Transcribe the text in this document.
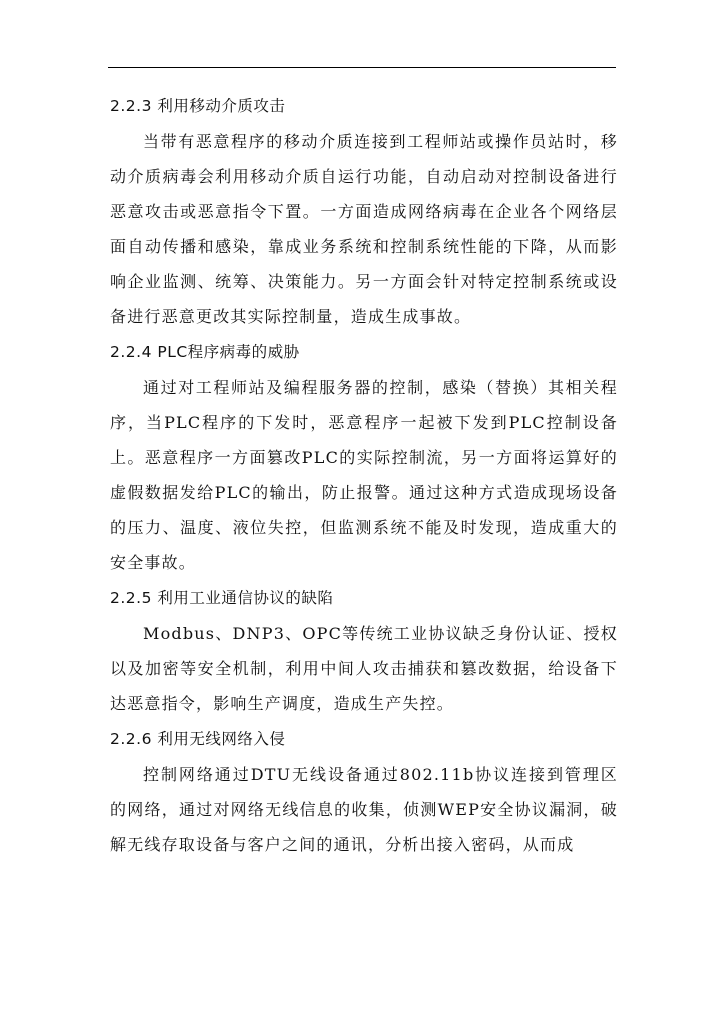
2.2.3 利用移动介质攻击

当带有恶意程序的移动介质连接到工程师站或操作员站时，移动介质病毒会利用移动介质自运行功能，自动启动对控制设备进行恶意攻击或恶意指令下置。一方面造成网络病毒在企业各个网络层面自动传播和感染，靠成业务系统和控制系统性能的下降，从而影响企业监测、统筹、决策能力。另一方面会针对特定控制系统或设备进行恶意更改其实际控制量，造成生成事故。

2.2.4 PLC程序病毒的威胁

通过对工程师站及编程服务器的控制，感染（替换）其相关程序，当PLC程序的下发时，恶意程序一起被下发到PLC控制设备上。恶意程序一方面篡改PLC的实际控制流，另一方面将运算好的虚假数据发给PLC的输出，防止报警。通过这种方式造成现场设备的压力、温度、液位失控，但监测系统不能及时发现，造成重大的安全事故。

2.2.5 利用工业通信协议的缺陷

Modbus、DNP3、OPC等传统工业协议缺乏身份认证、授权以及加密等安全机制，利用中间人攻击捕获和篡改数据，给设备下达恶意指令，影响生产调度，造成生产失控。

2.2.6 利用无线网络入侵

控制网络通过DTU无线设备通过802.11b协议连接到管理区的网络，通过对网络无线信息的收集，侦测WEP安全协议漏洞，破解无线存取设备与客户之间的通讯，分析出接入密码，从而成
